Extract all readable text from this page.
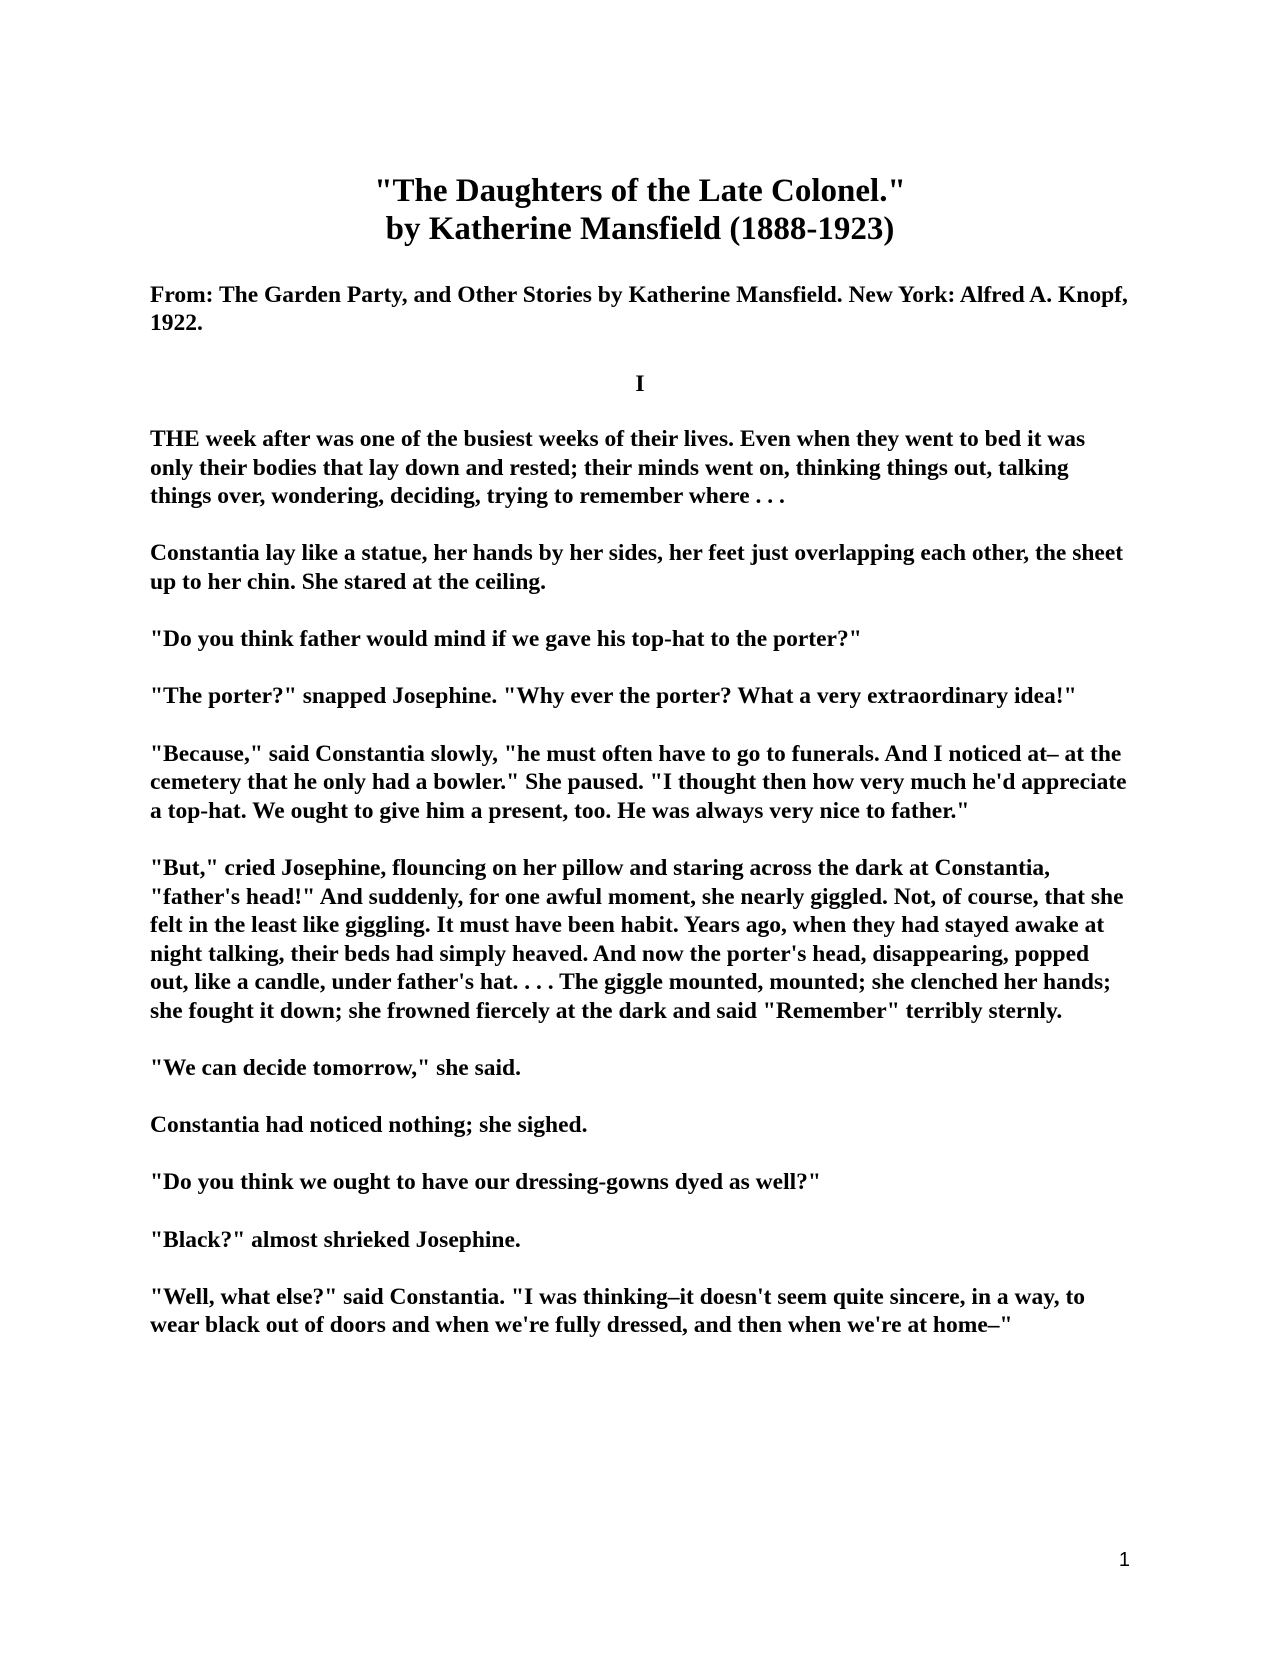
"The Daughters of the Late Colonel."
by Katherine Mansfield (1888-1923)
From: The Garden Party, and Other Stories by Katherine Mansfield. New York: Alfred A. Knopf, 1922.
I

THE week after was one of the busiest weeks of their lives. Even when they went to bed it was only their bodies that lay down and rested; their minds went on, thinking things out, talking things over, wondering, deciding, trying to remember where . . .

Constantia lay like a statue, her hands by her sides, her feet just overlapping each other, the sheet up to her chin. She stared at the ceiling.

"Do you think father would mind if we gave his top-hat to the porter?"

"The porter?" snapped Josephine. "Why ever the porter? What a very extraordinary idea!"

"Because," said Constantia slowly, "he must often have to go to funerals. And I noticed at– at the cemetery that he only had a bowler." She paused. "I thought then how very much he'd appreciate a top-hat. We ought to give him a present, too. He was always very nice to father."

"But," cried Josephine, flouncing on her pillow and staring across the dark at Constantia, "father's head!" And suddenly, for one awful moment, she nearly giggled. Not, of course, that she felt in the least like giggling. It must have been habit. Years ago, when they had stayed awake at night talking, their beds had simply heaved. And now the porter's head, disappearing, popped out, like a candle, under father's hat. . . . The giggle mounted, mounted; she clenched her hands; she fought it down; she frowned fiercely at the dark and said "Remember" terribly sternly.

"We can decide tomorrow," she said.

Constantia had noticed nothing; she sighed.

"Do you think we ought to have our dressing-gowns dyed as well?"

"Black?" almost shrieked Josephine.

"Well, what else?" said Constantia. "I was thinking–it doesn't seem quite sincere, in a way, to wear black out of doors and when we're fully dressed, and then when we're at home–"

1
